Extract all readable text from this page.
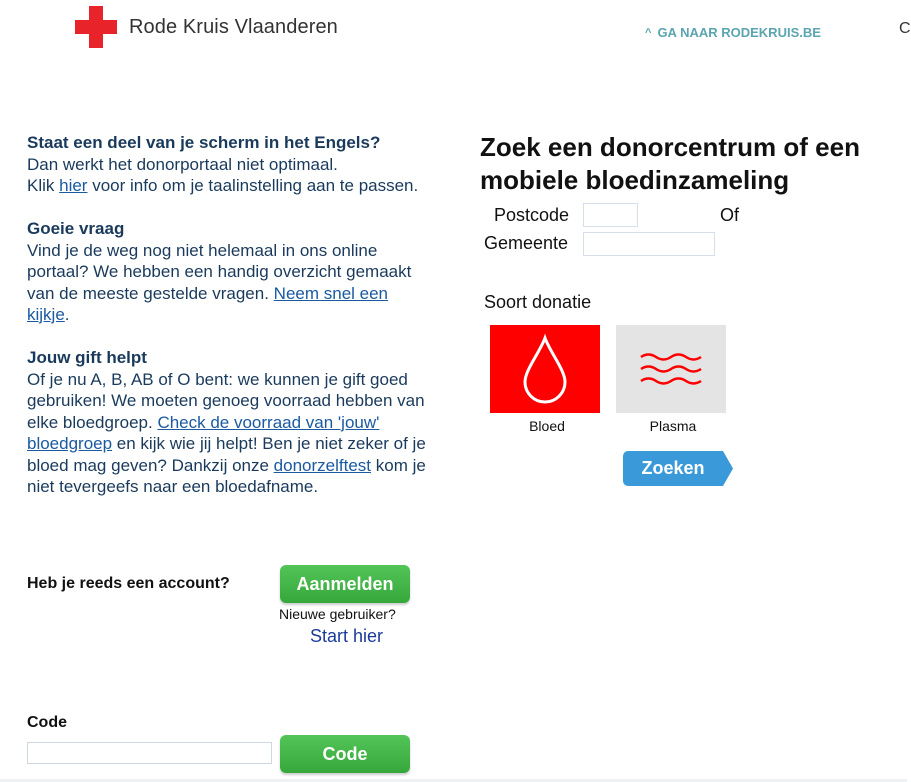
Rode Kruis Vlaanderen	^ GA NAAR RODEKRUIS.BE	C
Staat een deel van je scherm in het Engels?

Dan werkt het donorportaal niet optimaal.
Klik hier voor info om je taalinstelling aan te passen.

Goeie vraag

Vind je de weg nog niet helemaal in ons online portaal? We hebben een handig overzicht gemaakt van de meeste gestelde vragen. Neem snel een kijkje.

Jouw gift helpt

Of je nu A, B, AB of O bent: we kunnen je gift goed gebruiken! We moeten genoeg voorraad hebben van elke bloedgroep. Check de voorraad van 'jouw' bloedgroep en kijk wie jij helpt! Ben je niet zeker of je bloed mag geven? Dankzij onze donorzelftest kom je niet tevergeefs naar een bloedafname.

Heb je reeds een account?	Aanmelden
Nieuwe gebruiker?
Start hier
Code
Code
Zoek een donorcentrum of een mobiele bloedinzameling
Postcode	Of
Gemeente
Soort donatie
Bloed	Plasma
Zoeken
